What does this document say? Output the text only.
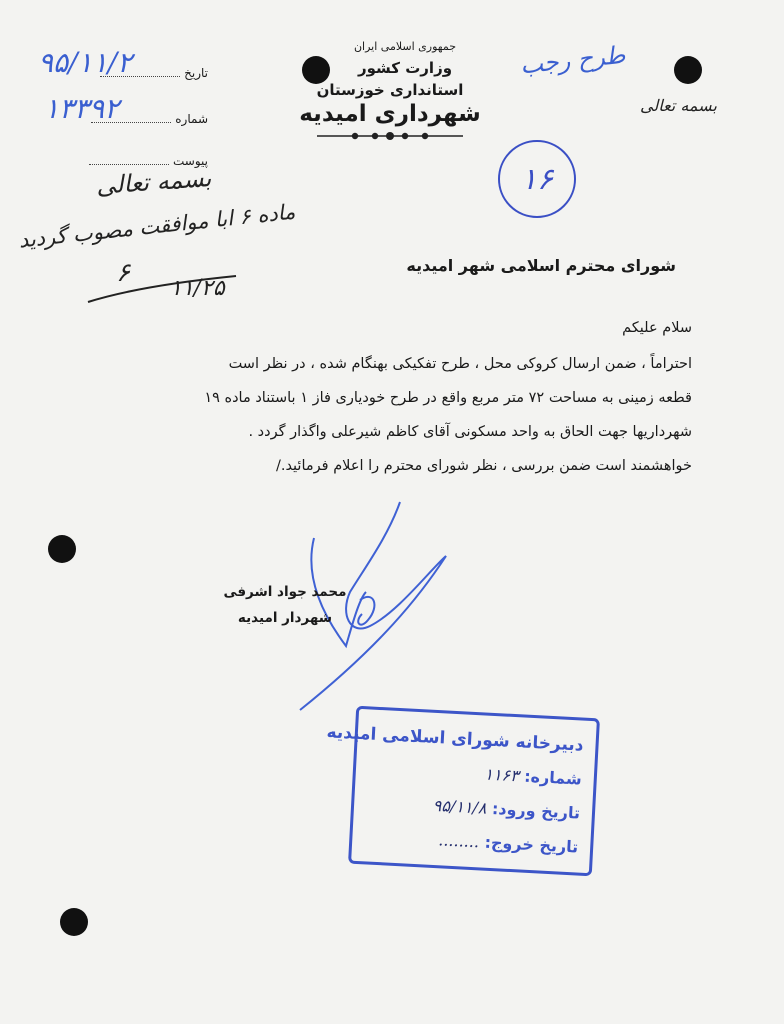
تاریخ
شماره
پیوست
۹۵/۱۱/۲
۱۳۳۹۲
جمهوری اسلامی ایران
وزارت کشور
استانداری خوزستان
شهرداری امیدیه
طرح رجب
بسمه تعالی
۱۶
بسمه تعالی
ماده ۶ ابا موافقت مصوب گردید
۶
۱۱/۲۵
شورای محترم اسلامی شهر امیدیه
سلام علیکم
احتراماً ، ضمن ارسال کروکی محل ، طرح تفکیکی بهنگام شده ، در نظر است
قطعه زمینی به مساحت ۷۲ متر مربع واقع در طرح خودیاری فاز ۱ باستناد ماده ۱۹
شهرداریها جهت الحاق به واحد مسکونی آقای کاظم شیرعلی واگذار گردد .
خواهشمند است ضمن بررسی ، نظر شورای محترم را اعلام فرمائید./
محمد جواد اشرفی
شهردار امیدیه
دبیرخانه شورای اسلامی امیدیه
شماره: ۱۱۶۳
تاریخ ورود: ۹۵/۱۱/۸
تاریخ خروج: ........
